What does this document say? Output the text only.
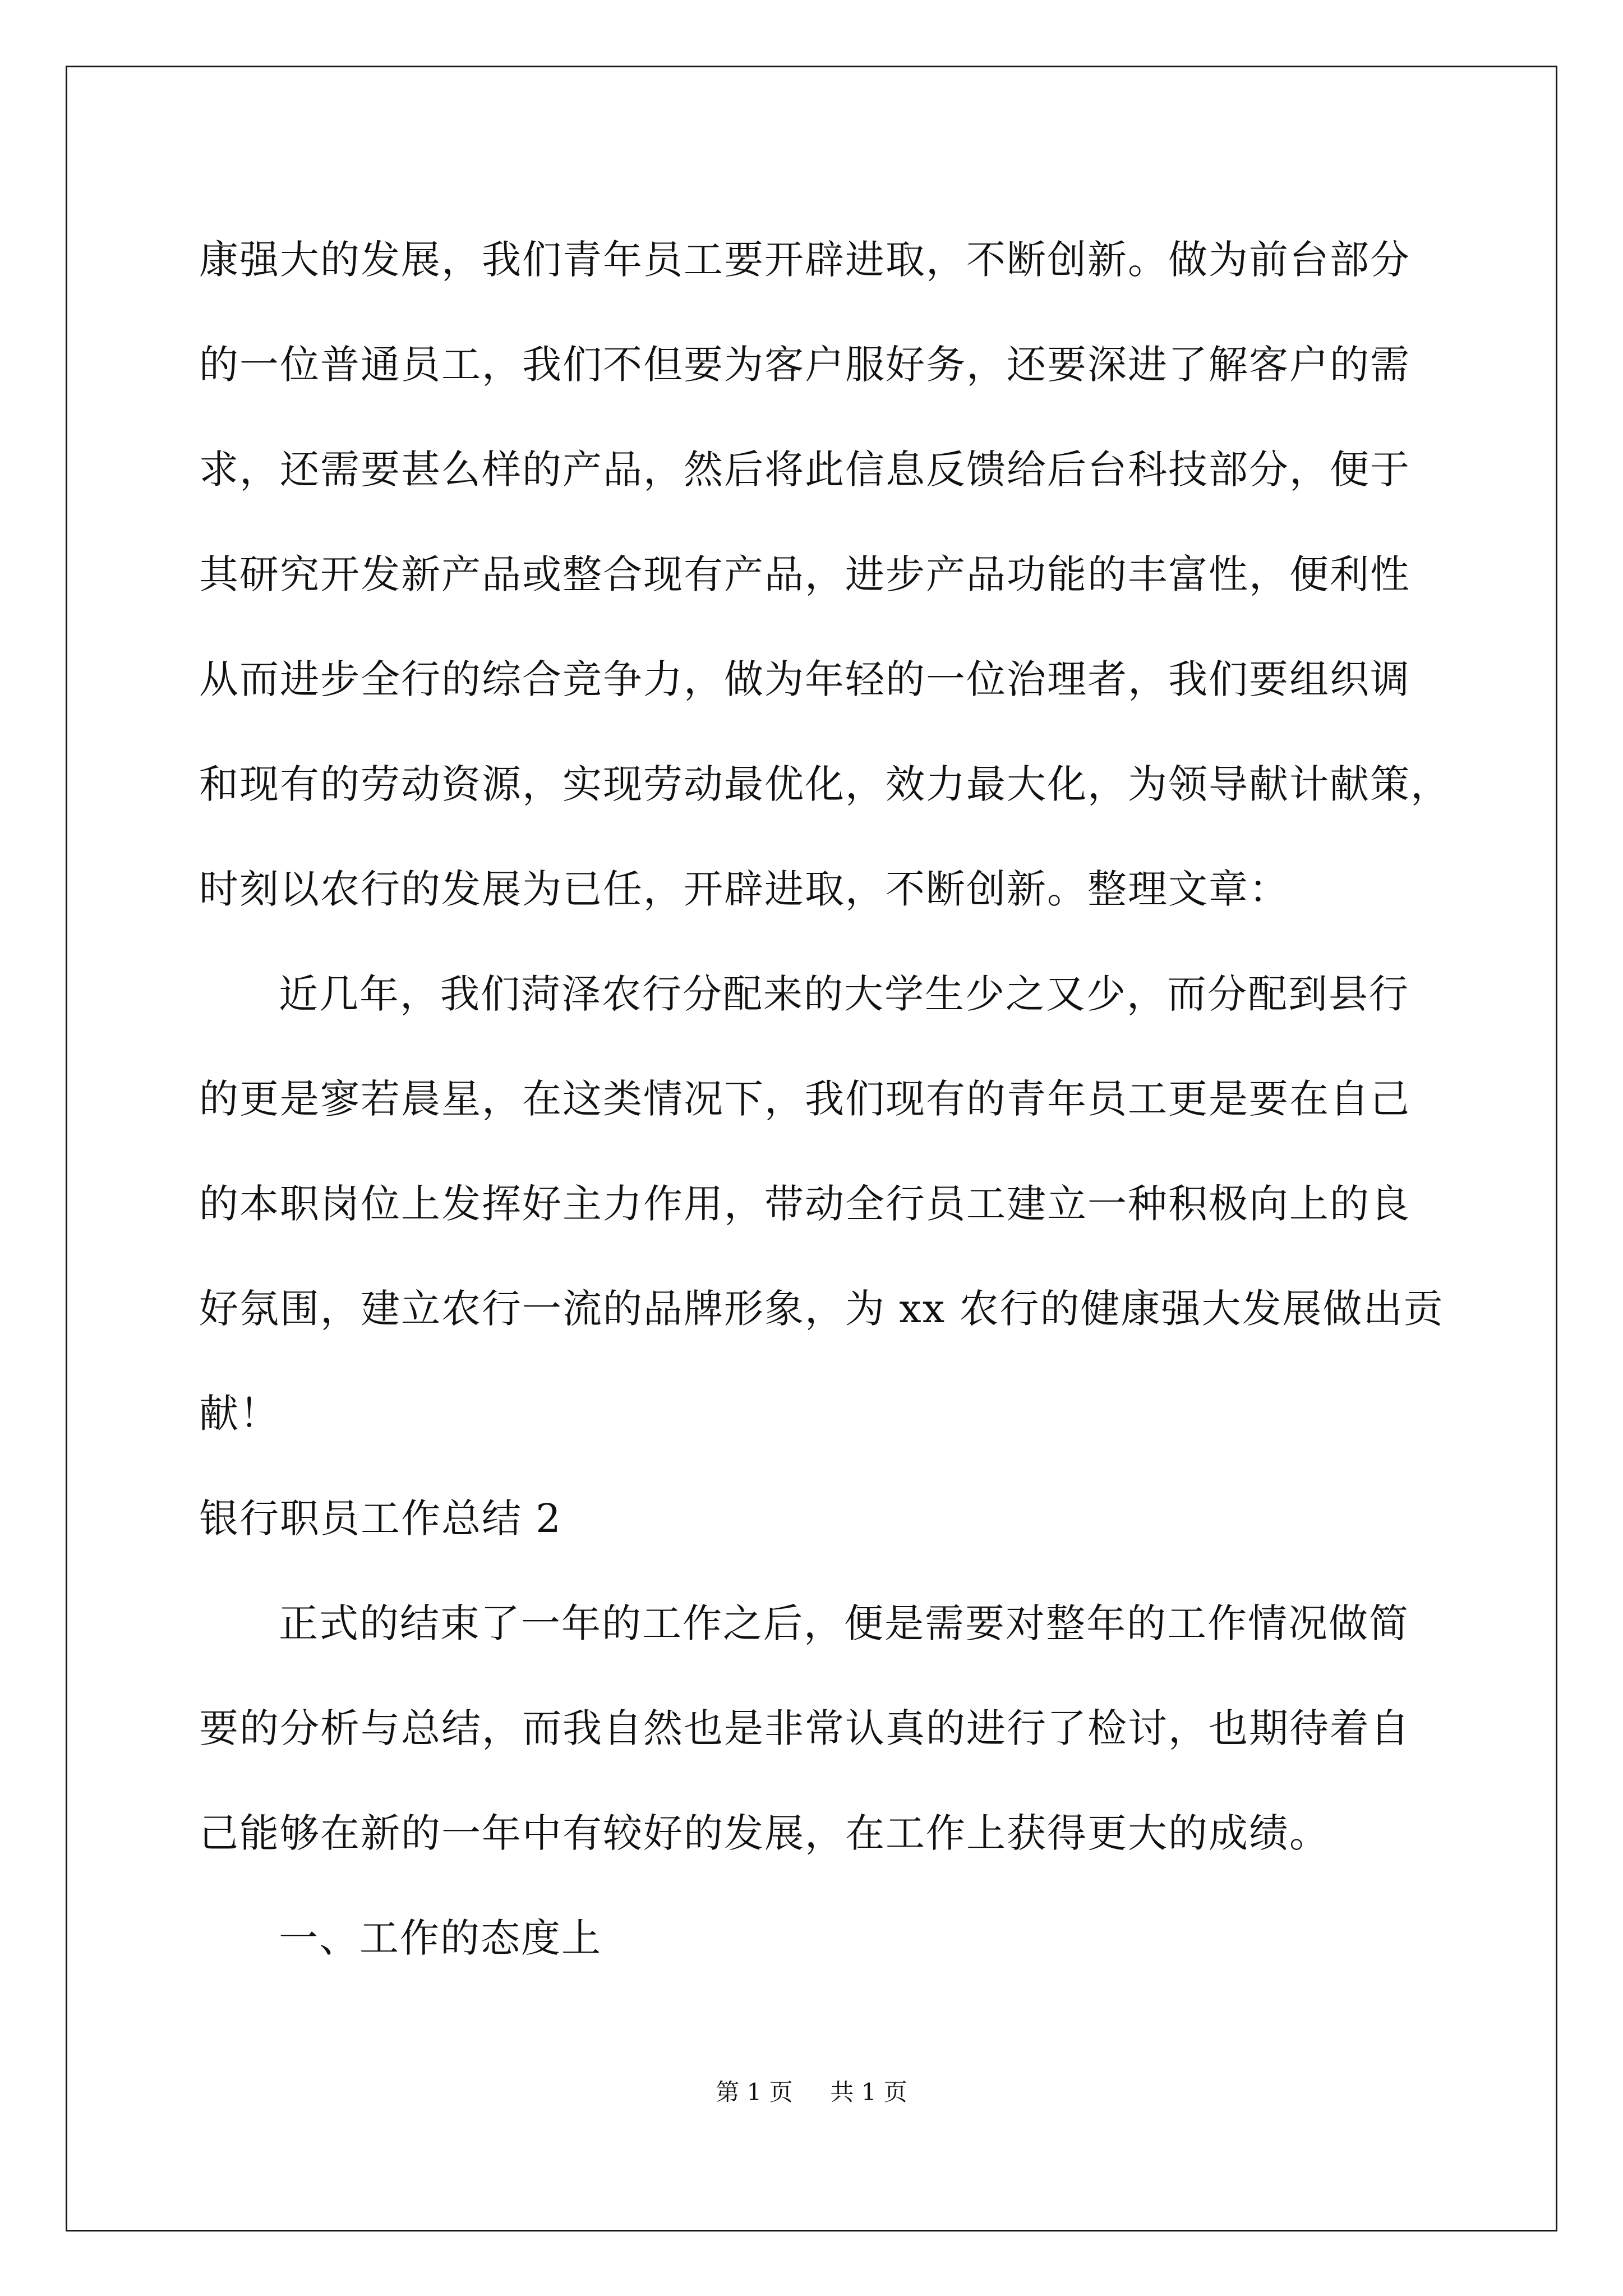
康强大的发展，我们青年员工要开辟进取，不断创新。做为前台部分
的一位普通员工，我们不但要为客户服好务，还要深进了解客户的需
求，还需要甚么样的产品，然后将此信息反馈给后台科技部分，便于
其研究开发新产品或整合现有产品，进步产品功能的丰富性，便利性
从而进步全行的综合竞争力，做为年轻的一位治理者，我们要组织调
和现有的劳动资源，实现劳动最优化，效力最大化，为领导献计献策，
时刻以农行的发展为已任，开辟进取，不断创新。整理文章：
近几年，我们菏泽农行分配来的大学生少之又少，而分配到县行
的更是寥若晨星，在这类情况下，我们现有的青年员工更是要在自己
的本职岗位上发挥好主力作用，带动全行员工建立一种积极向上的良
好氛围，建立农行一流的品牌形象，为 xx 农行的健康强大发展做出贡
献！
银行职员工作总结 2
正式的结束了一年的工作之后，便是需要对整年的工作情况做简
要的分析与总结，而我自然也是非常认真的进行了检讨，也期待着自
己能够在新的一年中有较好的发展，在工作上获得更大的成绩。
一、工作的态度上
第 1 页 共 1 页
